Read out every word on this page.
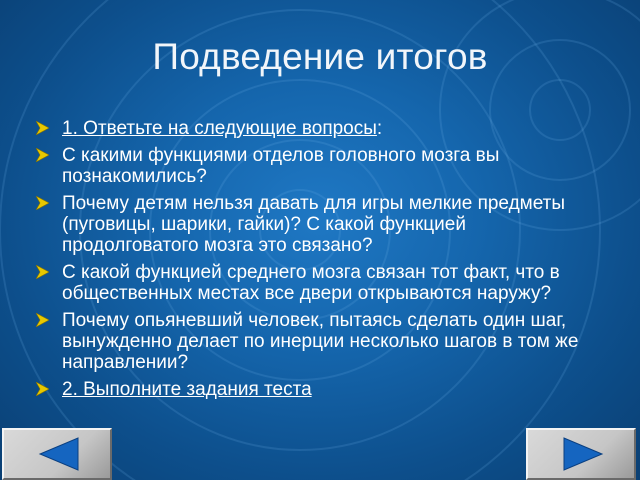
Подведение итогов
1. Ответьте на следующие вопросы:
С какими функциями отделов головного мозга вы познакомились?
Почему детям нельзя давать для игры мелкие предметы (пуговицы, шарики, гайки)? С какой функцией продолговатого мозга это связано?
С какой функцией среднего мозга связан тот факт, что в общественных местах все двери открываются наружу?
Почему опьяневший человек, пытаясь сделать один шаг, вынужденно делает по инерции несколько шагов в том же направлении?
2. Выполните задания теста
